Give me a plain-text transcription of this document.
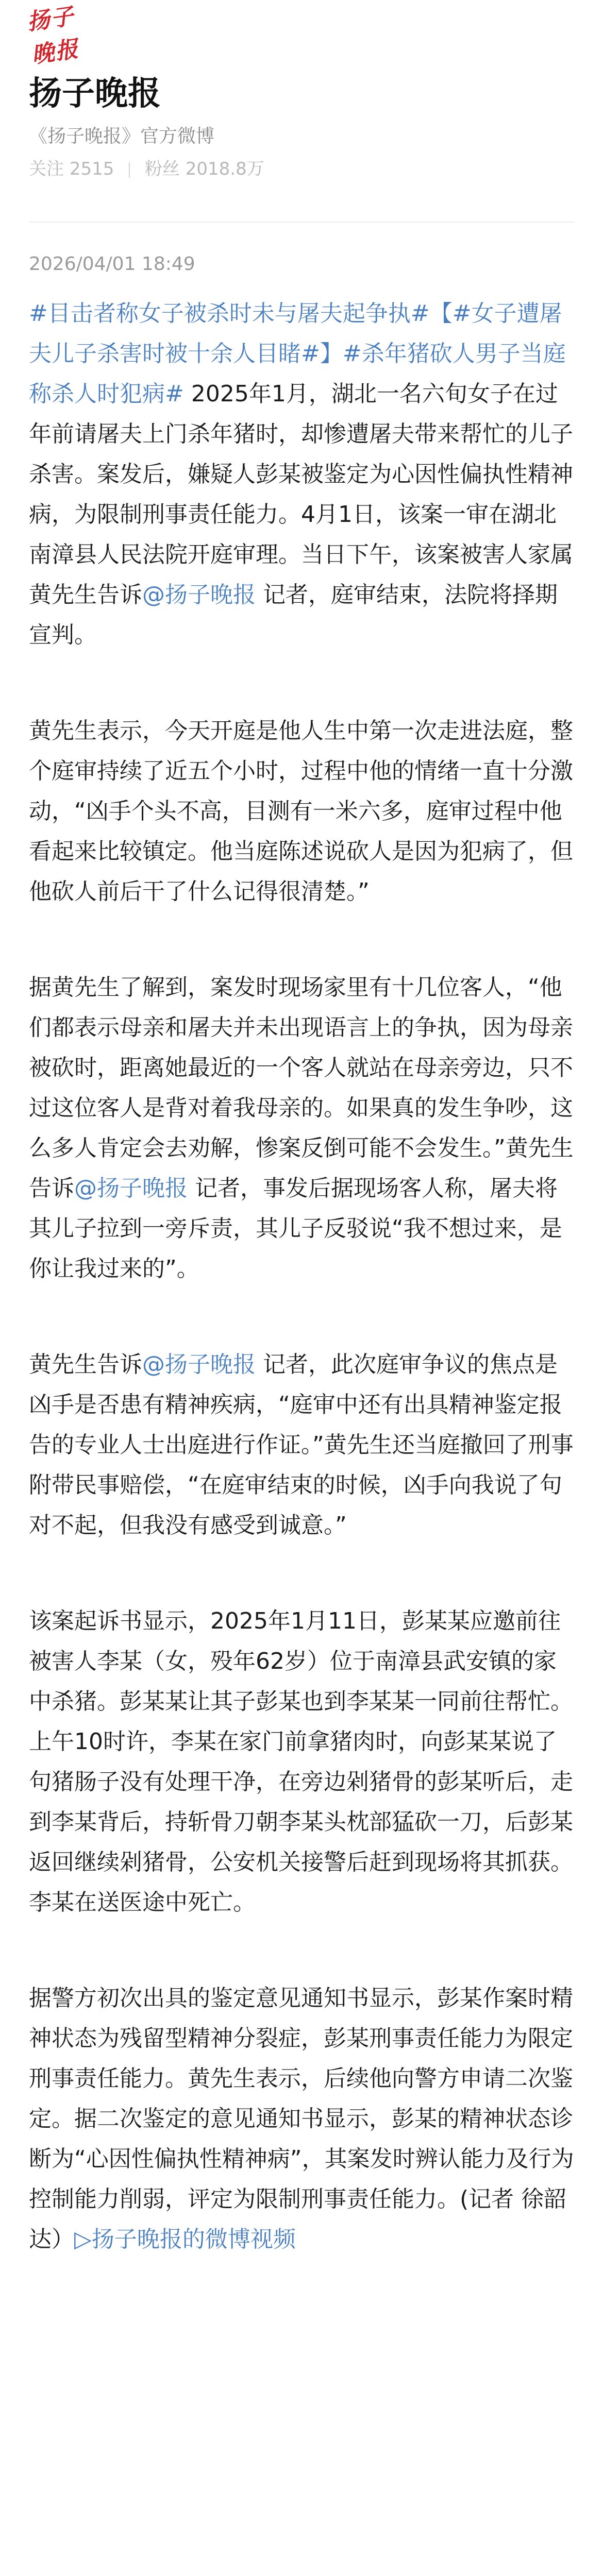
扬子晚报
扬子晚报
《扬子晚报》官方微博
关注 2515 粉丝 2018.8万
2026/04/01 18:49

#目击者称女子被杀时未与屠夫起争执#【#女子遭屠夫儿子杀害时被十余人目睹#】#杀年猪砍人男子当庭称杀人时犯病# 2025年1月，湖北一名六旬女子在过年前请屠夫上门杀年猪时，却惨遭屠夫带来帮忙的儿子杀害。案发后，嫌疑人彭某被鉴定为心因性偏执性精神病，为限制刑事责任能力。4月1日，该案一审在湖北南漳县人民法院开庭审理。当日下午，该案被害人家属黄先生告诉@扬子晚报 记者，庭审结束，法院将择期宣判。

黄先生表示，今天开庭是他人生中第一次走进法庭，整个庭审持续了近五个小时，过程中他的情绪一直十分激动，“凶手个头不高，目测有一米六多，庭审过程中他看起来比较镇定。他当庭陈述说砍人是因为犯病了，但他砍人前后干了什么记得很清楚。”

据黄先生了解到，案发时现场家里有十几位客人，“他们都表示母亲和屠夫并未出现语言上的争执，因为母亲被砍时，距离她最近的一个客人就站在母亲旁边，只不过这位客人是背对着我母亲的。如果真的发生争吵，这么多人肯定会去劝解，惨案反倒可能不会发生。”黄先生告诉@扬子晚报 记者，事发后据现场客人称，屠夫将其儿子拉到一旁斥责，其儿子反驳说“我不想过来，是你让我过来的”。

黄先生告诉@扬子晚报 记者，此次庭审争议的焦点是凶手是否患有精神疾病，“庭审中还有出具精神鉴定报告的专业人士出庭进行作证。”黄先生还当庭撤回了刑事附带民事赔偿，“在庭审结束的时候，凶手向我说了句对不起，但我没有感受到诚意。”

该案起诉书显示，2025年1月11日，彭某某应邀前往被害人李某（女，殁年62岁）位于南漳县武安镇的家中杀猪。彭某某让其子彭某也到李某某一同前往帮忙。上午10时许，李某在家门前拿猪肉时，向彭某某说了句猪肠子没有处理干净，在旁边剁猪骨的彭某听后，走到李某背后，持斩骨刀朝李某头枕部猛砍一刀，后彭某返回继续剁猪骨，公安机关接警后赶到现场将其抓获。李某在送医途中死亡。

据警方初次出具的鉴定意见通知书显示，彭某作案时精神状态为残留型精神分裂症，彭某刑事责任能力为限定刑事责任能力。黄先生表示，后续他向警方申请二次鉴定。据二次鉴定的意见通知书显示，彭某的精神状态诊断为“心因性偏执性精神病”，其案发时辨认能力及行为控制能力削弱，评定为限制刑事责任能力。(记者 徐韶达）▷扬子晚报的微博视频
